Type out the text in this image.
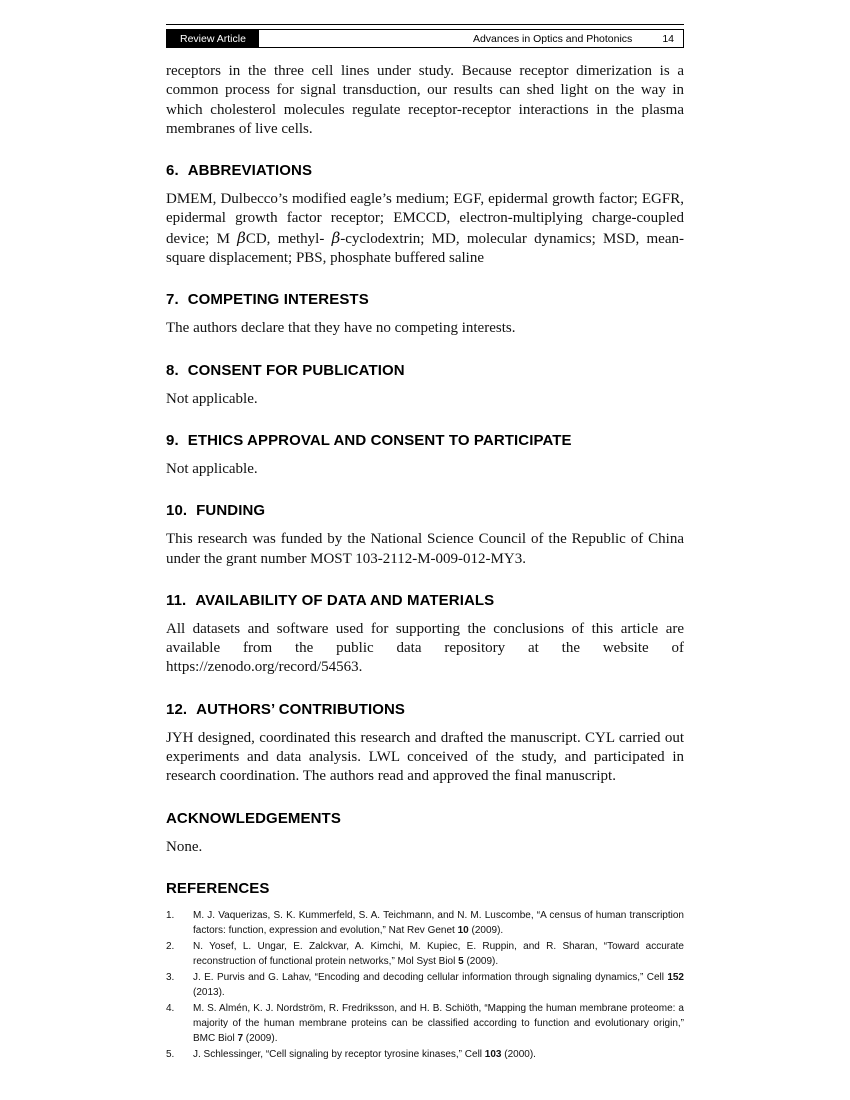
Review Article	Advances in Optics and Photonics	14

receptors in the three cell lines under study. Because receptor dimerization is a common process for signal transduction, our results can shed light on the way in which cholesterol molecules regulate receptor-receptor interactions in the plasma membranes of live cells.

6. ABBREVIATIONS

DMEM, Dulbecco’s modified eagle’s medium; EGF, epidermal growth factor; EGFR, epidermal growth factor receptor; EMCCD, electron-multiplying charge-coupled device; M βCD, methyl- β-cyclodextrin; MD, molecular dynamics; MSD, mean-square displacement; PBS, phosphate buffered saline

7. COMPETING INTERESTS

The authors declare that they have no competing interests.

8. CONSENT FOR PUBLICATION

Not applicable.

9. ETHICS APPROVAL AND CONSENT TO PARTICIPATE

Not applicable.

10. FUNDING

This research was funded by the National Science Council of the Republic of China under the grant number MOST 103-2112-M-009-012-MY3.

11. AVAILABILITY OF DATA AND MATERIALS

All datasets and software used for supporting the conclusions of this article are available from the public data repository at the website of https://zenodo.org/record/54563.

12. AUTHORS’ CONTRIBUTIONS

JYH designed, coordinated this research and drafted the manuscript. CYL carried out experiments and data analysis. LWL conceived of the study, and participated in research coordination. The authors read and approved the final manuscript.

ACKNOWLEDGEMENTS

None.

REFERENCES
1. M. J. Vaquerizas, S. K. Kummerfeld, S. A. Teichmann, and N. M. Luscombe, “A census of human transcription factors: function, expression and evolution,” Nat Rev Genet 10 (2009).
2. N. Yosef, L. Ungar, E. Zalckvar, A. Kimchi, M. Kupiec, E. Ruppin, and R. Sharan, “Toward accurate reconstruction of functional protein networks,” Mol Syst Biol 5 (2009).
3. J. E. Purvis and G. Lahav, “Encoding and decoding cellular information through signaling dynamics,” Cell 152 (2013).
4. M. S. Almén, K. J. Nordström, R. Fredriksson, and H. B. Schiöth, “Mapping the human membrane proteome: a majority of the human membrane proteins can be classified according to function and evolutionary origin,” BMC Biol 7 (2009).
5. J. Schlessinger, “Cell signaling by receptor tyrosine kinases,” Cell 103 (2000).
